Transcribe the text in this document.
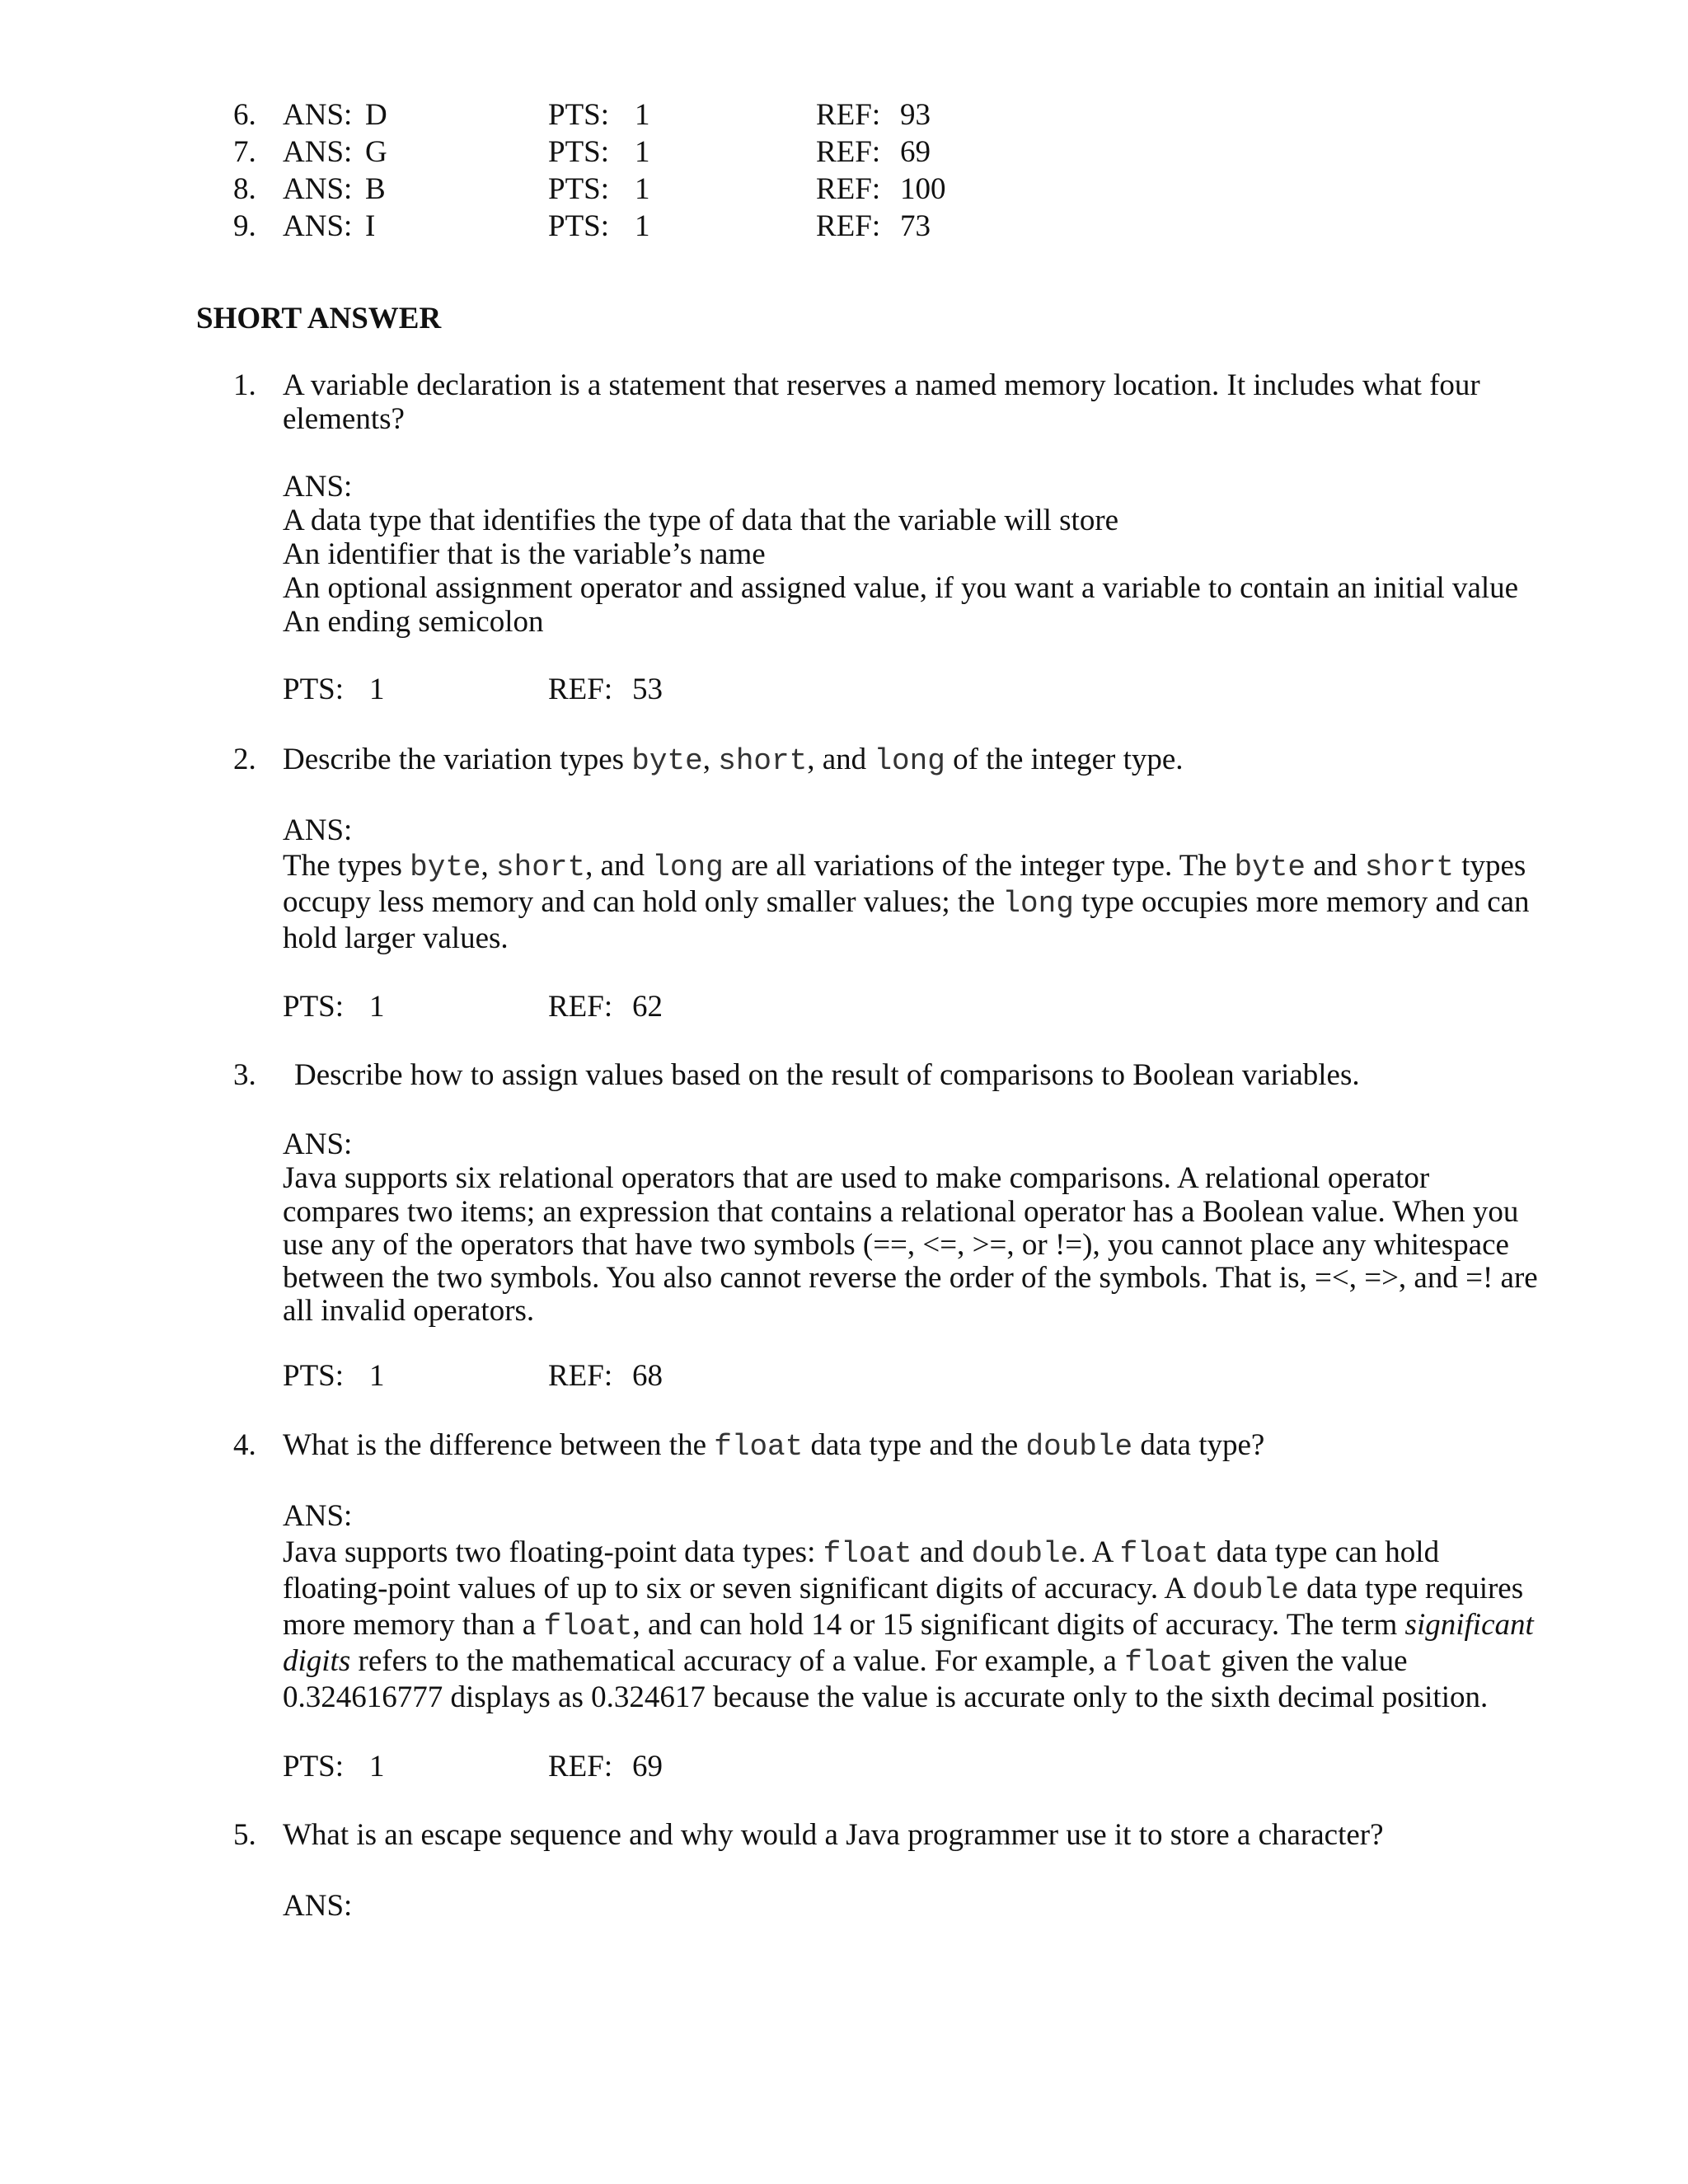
6. ANS: D	PTS: 1	REF: 93
7. ANS: G	PTS: 1	REF: 69
8. ANS: B	PTS: 1	REF: 100
9. ANS: I	PTS: 1	REF: 73
SHORT ANSWER
1. A variable declaration is a statement that reserves a named memory location. It includes what four
elements?
ANS:
A data type that identifies the type of data that the variable will store
An identifier that is the variable’s name
An optional assignment operator and assigned value, if you want a variable to contain an initial value
An ending semicolon
PTS: 1	REF: 53
2. Describe the variation types byte, short, and long of the integer type.
ANS:
The types byte, short, and long are all variations of the integer type. The byte and short types
occupy less memory and can hold only smaller values; the long type occupies more memory and can
hold larger values.
PTS: 1	REF: 62
3. Describe how to assign values based on the result of comparisons to Boolean variables.
ANS:
Java supports six relational operators that are used to make comparisons. A relational operator
compares two items; an expression that contains a relational operator has a Boolean value. When you
use any of the operators that have two symbols (==, <=, >=, or !=), you cannot place any whitespace
between the two symbols. You also cannot reverse the order of the symbols. That is, =<, =>, and =! are
all invalid operators.
PTS: 1	REF: 68
4. What is the difference between the float data type and the double data type?
ANS:
Java supports two floating-point data types: float and double. A float data type can hold
floating-point values of up to six or seven significant digits of accuracy. A double data type requires
more memory than a float, and can hold 14 or 15 significant digits of accuracy. The term significant
digits refers to the mathematical accuracy of a value. For example, a float given the value
0.324616777 displays as 0.324617 because the value is accurate only to the sixth decimal position.
PTS: 1	REF: 69
5. What is an escape sequence and why would a Java programmer use it to store a character?
ANS:
